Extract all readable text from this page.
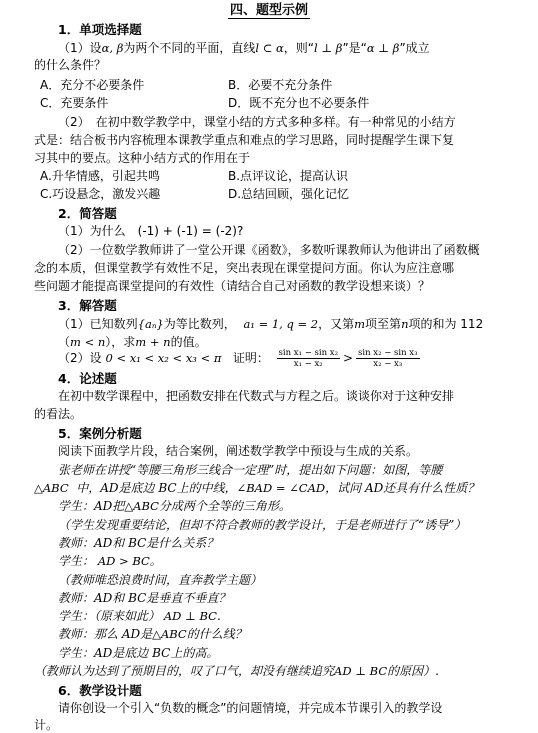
四、题型示例
1．单项选择题
（1）设α, β为两个不同的平面，直线l ⊂ α，则“l ⊥ β”是“α ⊥ β”成立
的什么条件？
A．充分不必要条件	B．必要不充分条件
C．充要条件	D．既不充分也不必要条件
（2）　在初中数学教学中，课堂小结的方式多种多样。有一种常见的小结方
式是：结合板书内容梳理本课教学重点和难点的学习思路，同时提醒学生课下复
习其中的要点。这种小结方式的作用在于
A.升华情感，引起共鸣	B.点评议论，提高认识
C.巧设悬念，激发兴趣	D.总结回顾，强化记忆
2．简答题
（1）为什么　(-1) + (-1) = (-2)?
（2）一位数学教师讲了一堂公开课《函数》，多数听课教师认为他讲出了函数概
念的本质，但课堂教学有效性不足，突出表现在课堂提问方面。你认为应注意哪
些问题才能提高课堂提问的有效性（请结合自己对函数的教学设想来谈）？
3．解答题
（1）已知数列{aₙ}为等比数列， a₁ = 1, q = 2，又第m项至第n项的和为 112
（m < n），求m + n的值。
（2）设 0 < x₁ < x₂ < x₃ < π 证明： $\frac{\text{sin x₁ − sin x₂}}{\text{x₁ − x₂}} > \frac{\text{sin x₂ − sin x₃}}{\text{x₂ − x₃}}$
4．论述题
在初中数学课程中，把函数安排在代数式与方程之后。谈谈你对于这种安排
的看法。
5．案例分析题
阅读下面教学片段，结合案例，阐述数学教学中预设与生成的关系。
张老师在讲授“等腰三角形三线合一定理”时，提出如下问题：如图，等腰
△ABC 中，AD是底边 BC上的中线，∠BAD = ∠CAD，试问 AD还具有什么性质？
学生：AD把△ABC分成两个全等的三角形。
（学生发现重要结论，但却不符合教师的教学设计，于是老师进行了“诱导”）
教师：AD和 BC是什么关系？
学生： AD > BC。
（教师唯恐浪费时间，直奔教学主题）
教师：AD和 BC是垂直不垂直？
学生：（原来如此） AD ⊥ BC.
教师：那么 AD是△ABC的什么线？
学生：AD是底边 BC上的高。
（教师认为达到了预期目的，叹了口气，却没有继续追究AD ⊥ BC的原因）.
6．教学设计题
请你创设一个引入“负数的概念”的问题情境，并完成本节课引入的教学设
计。
